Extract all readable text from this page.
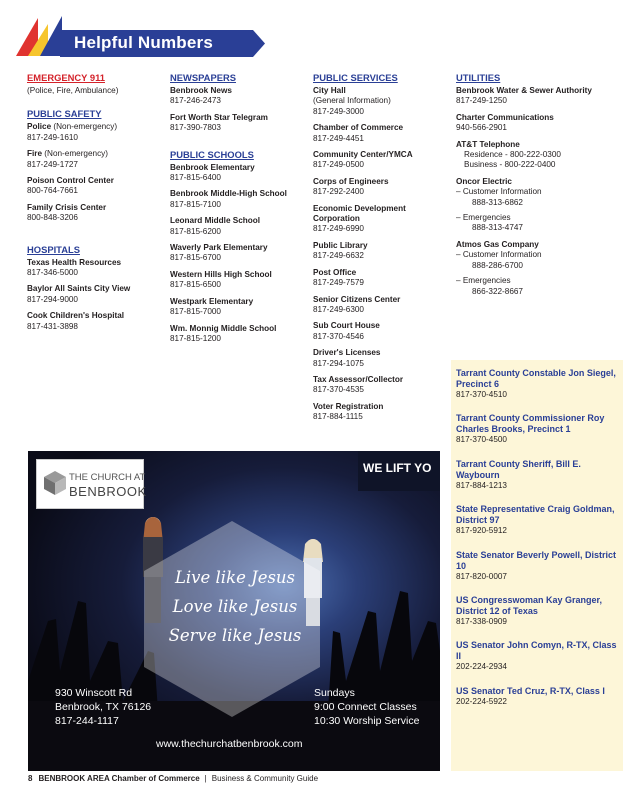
Helpful Numbers
EMERGENCY 911
(Police, Fire, Ambulance)
PUBLIC SAFETY
Police (Non-emergency)
817-249-1610
Fire (Non-emergency)
817-249-1727
Poison Control Center
800-764-7661
Family Crisis Center
800-848-3206
HOSPITALS
Texas Health Resources
817-346-5000
Baylor All Saints City View
817-294-9000
Cook Children's Hospital
817-431-3898
NEWSPAPERS
Benbrook News
817-246-2473
Fort Worth Star Telegram
817-390-7803
PUBLIC SCHOOLS
Benbrook Elementary
817-815-6400
Benbrook Middle-High School
817-815-7100
Leonard Middle School
817-815-6200
Waverly Park Elementary
817-815-6700
Western Hills High School
817-815-6500
Westpark Elementary
817-815-7000
Wm. Monnig Middle School
817-815-1200
PUBLIC SERVICES
City Hall
(General Information)
817-249-3000
Chamber of Commerce
817-249-4451
Community Center/YMCA
817-249-0500
Corps of Engineers
817-292-2400
Economic Development Corporation
817-249-6990
Public Library
817-249-6632
Post Office
817-249-7579
Senior Citizens Center
817-249-6300
Sub Court House
817-370-4546
Driver's Licenses
817-294-1075
Tax Assessor/Collector
817-370-4535
Voter Registration
817-884-1115
UTILITIES
Benbrook Water & Sewer Authority
817-249-1250
Charter Communications
940-566-2901
AT&T Telephone
Residence - 800-222-0300
Business - 800-222-0400
Oncor Electric
– Customer Information
888-313-6862
– Emergencies
888-313-4747
Atmos Gas Company
– Customer Information
888-286-6700
– Emergencies
866-322-8667
Tarrant County Constable Jon Siegel, Precinct 6
817-370-4510
Tarrant County Commissioner Roy Charles Brooks, Precinct 1
817-370-4500
Tarrant County Sheriff, Bill E. Waybourn
817-884-1213
State Representative Craig Goldman, District 97
817-920-5912
State Senator Beverly Powell, District 10
817-820-0007
US Congresswoman Kay Granger, District 12 of Texas
817-338-0909
US Senator John Comyn, R-TX, Class II
202-224-2934
US Senator Ted Cruz, R-TX, Class I
202-224-5922
WE LIFT YO
THE CHURCH AT
BENBROOK
Live like Jesus
Love like Jesus
Serve like Jesus
930 Winscott Rd
Benbrook, TX 76126
817-244-1117
Sundays
9:00 Connect Classes
10:30 Worship Service
www.thechurchatbenbrook.com
8 BENBROOK AREA Chamber of Commerce | Business & Community Guide
